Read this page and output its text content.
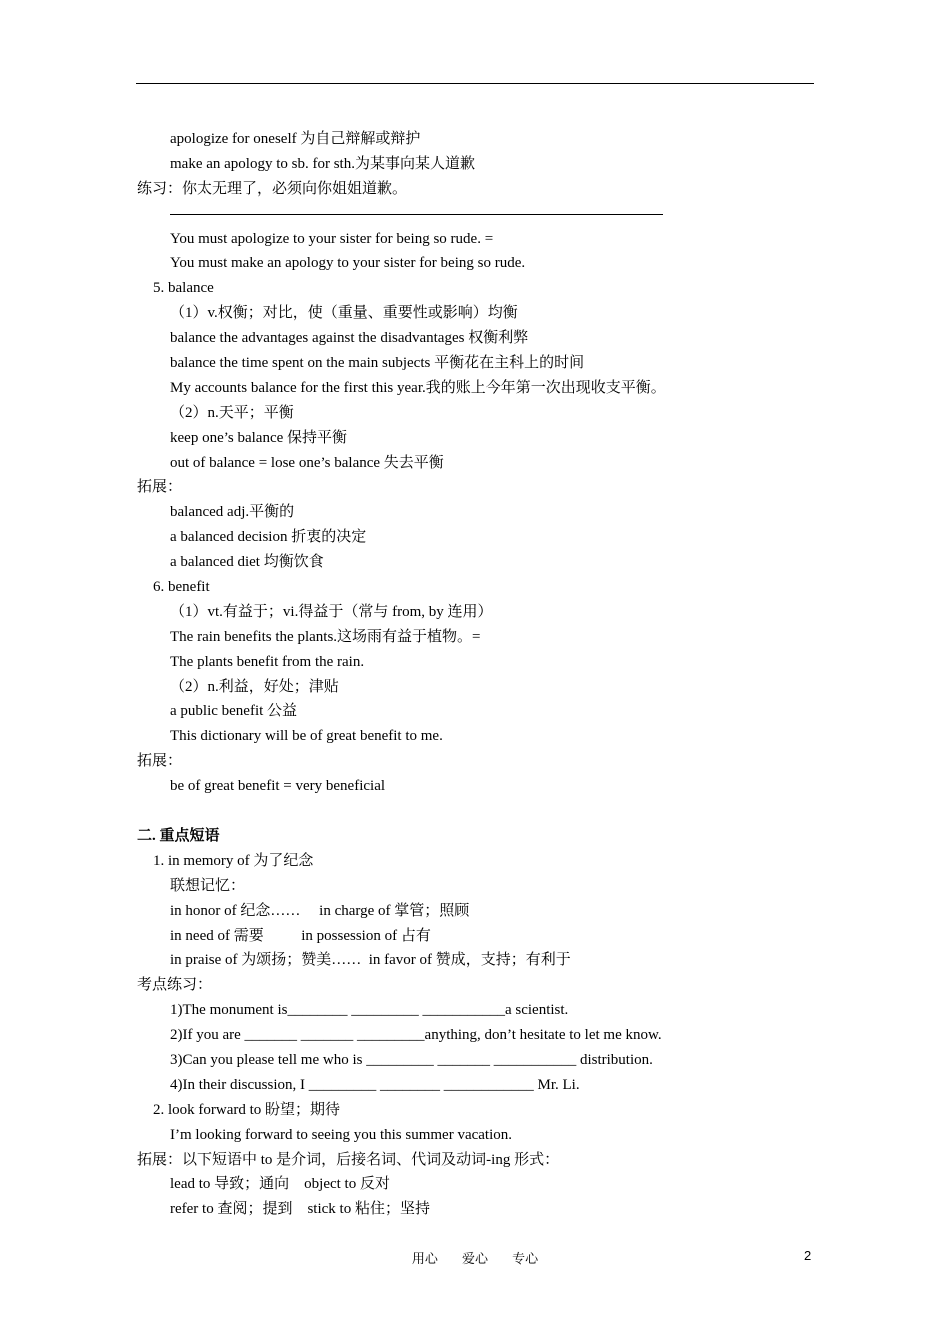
apologize for oneself 为自己辩解或辩护
make an apology to sb. for sth.为某事向某人道歉
练习：你太无理了，必须向你姐姐道歉。
You must apologize to your sister for being so rude. =
You must make an apology to your sister for being so rude.
5. balance
（1）v.权衡；对比，使（重量、重要性或影响）均衡
balance the advantages against the disadvantages 权衡利弊
balance the time spent on the main subjects 平衡花在主科上的时间
My accounts balance for the first this year.我的账上今年第一次出现收支平衡。
（2）n.天平；平衡
keep one’s balance 保持平衡
out of balance = lose one’s balance 失去平衡
拓展：
balanced adj.平衡的
a balanced decision 折衷的决定
a balanced diet 均衡饮食
6. benefit
（1）vt.有益于；vi.得益于（常与 from, by 连用）
The rain benefits the plants.这场雨有益于植物。=
The plants benefit from the rain.
（2）n.利益，好处；津贴
a public benefit 公益
This dictionary will be of great benefit to me.
拓展：
be of great benefit = very beneficial
二. 重点短语
1. in memory of 为了纪念
联想记忆：
in honor of 纪念……     in charge of 掌管；照顾
in need of 需要          in possession of 占有
in praise of 为颂扬；赞美……  in favor of 赞成，支持；有利于
考点练习：
1)The monument is________ _________ ___________a scientist.
2)If you are _______ _______ _________anything, don’t hesitate to let me know.
3)Can you please tell me who is _________ _______ ___________ distribution.
4)In their discussion, I _________ ________ ____________ Mr. Li.
2. look forward to 盼望；期待
I’m looking forward to seeing you this summer vacation.
拓展：以下短语中 to 是介词，后接名词、代词及动词-ing 形式：
lead to 导致；通向    object to 反对
refer to 查阅；提到    stick to 粘住；坚持
用心 爱心 专心	2
